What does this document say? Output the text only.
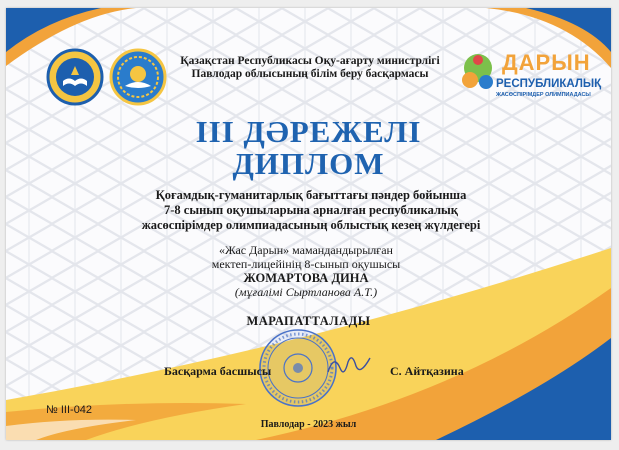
Қазақстан Республикасы Оқу-ағарту министрлігі
Павлодар облысының білім беру басқармасы	ДАРЫН
РЕСПУБЛИКАЛЫҚ
ЖАСӨСПІРІМДЕР ОЛИМПИАДАСЫ
ІІІ ДӘРЕЖЕЛІ
ДИПЛОМ
Қоғамдық-гуманитарлық бағыттағы пәндер бойынша
7-8 сынып оқушыларына арналған республикалық
жасөспірімдер олимпиадасының облыстық кезең жүлдегері
«Жас Дарын» мамандандырылған
мектеп-лицейінің 8-сынып оқушысы
ЖОМАРТОВА ДИНА
(мұғалімі Сыртланова А.Т.)
МАРАПАТТАЛАДЫ
Басқарма басшысы	С. Айтқазина
№ ІІІ-042
Павлодар - 2023 жыл
